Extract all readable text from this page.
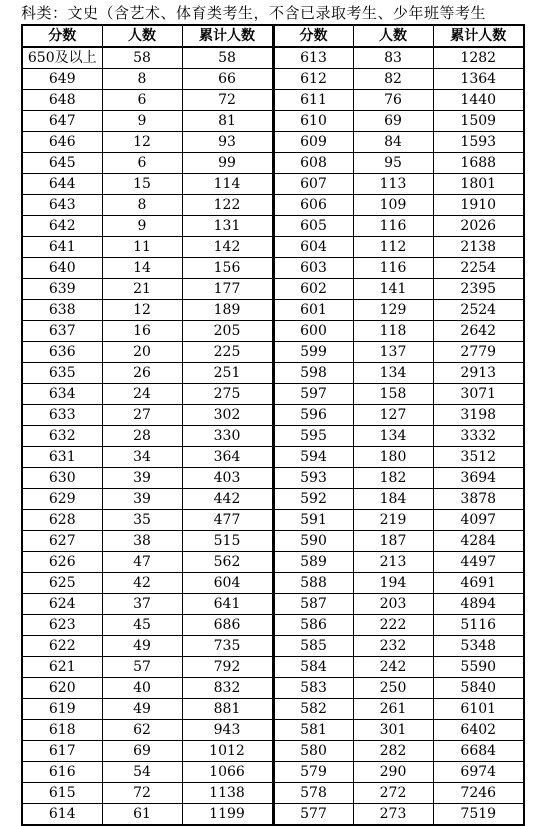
科类：文史（含艺术、体育类考生，不含已录取考生、少年班等考生
分数	人数	累计人数	分数	人数	累计人数
650及以上	58	58	613	83	1282
649	8	66	612	82	1364
648	6	72	611	76	1440
647	9	81	610	69	1509
646	12	93	609	84	1593
645	6	99	608	95	1688
644	15	114	607	113	1801
643	8	122	606	109	1910
642	9	131	605	116	2026
641	11	142	604	112	2138
640	14	156	603	116	2254
639	21	177	602	141	2395
638	12	189	601	129	2524
637	16	205	600	118	2642
636	20	225	599	137	2779
635	26	251	598	134	2913
634	24	275	597	158	3071
633	27	302	596	127	3198
632	28	330	595	134	3332
631	34	364	594	180	3512
630	39	403	593	182	3694
629	39	442	592	184	3878
628	35	477	591	219	4097
627	38	515	590	187	4284
626	47	562	589	213	4497
625	42	604	588	194	4691
624	37	641	587	203	4894
623	45	686	586	222	5116
622	49	735	585	232	5348
621	57	792	584	242	5590
620	40	832	583	250	5840
619	49	881	582	261	6101
618	62	943	581	301	6402
617	69	1012	580	282	6684
616	54	1066	579	290	6974
615	72	1138	578	272	7246
614	61	1199	577	273	7519
